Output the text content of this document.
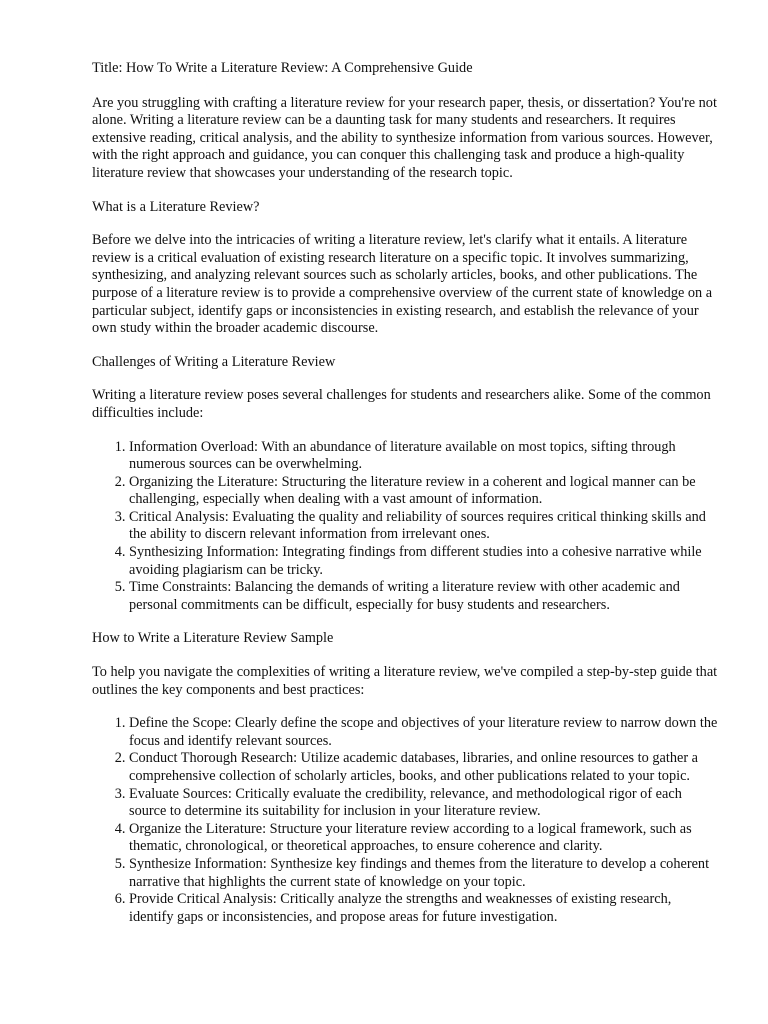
Title: How To Write a Literature Review: A Comprehensive Guide

Are you struggling with crafting a literature review for your research paper, thesis, or dissertation? You're not alone. Writing a literature review can be a daunting task for many students and researchers. It requires extensive reading, critical analysis, and the ability to synthesize information from various sources. However, with the right approach and guidance, you can conquer this challenging task and produce a high-quality literature review that showcases your understanding of the research topic.

What is a Literature Review?

Before we delve into the intricacies of writing a literature review, let's clarify what it entails. A literature review is a critical evaluation of existing research literature on a specific topic. It involves summarizing, synthesizing, and analyzing relevant sources such as scholarly articles, books, and other publications. The purpose of a literature review is to provide a comprehensive overview of the current state of knowledge on a particular subject, identify gaps or inconsistencies in existing research, and establish the relevance of your own study within the broader academic discourse.

Challenges of Writing a Literature Review

Writing a literature review poses several challenges for students and researchers alike. Some of the common difficulties include:

1. Information Overload: With an abundance of literature available on most topics, sifting through numerous sources can be overwhelming.
2. Organizing the Literature: Structuring the literature review in a coherent and logical manner can be challenging, especially when dealing with a vast amount of information.
3. Critical Analysis: Evaluating the quality and reliability of sources requires critical thinking skills and the ability to discern relevant information from irrelevant ones.
4. Synthesizing Information: Integrating findings from different studies into a cohesive narrative while avoiding plagiarism can be tricky.
5. Time Constraints: Balancing the demands of writing a literature review with other academic and personal commitments can be difficult, especially for busy students and researchers.

How to Write a Literature Review Sample

To help you navigate the complexities of writing a literature review, we've compiled a step-by-step guide that outlines the key components and best practices:

1. Define the Scope: Clearly define the scope and objectives of your literature review to narrow down the focus and identify relevant sources.
2. Conduct Thorough Research: Utilize academic databases, libraries, and online resources to gather a comprehensive collection of scholarly articles, books, and other publications related to your topic.
3. Evaluate Sources: Critically evaluate the credibility, relevance, and methodological rigor of each source to determine its suitability for inclusion in your literature review.
4. Organize the Literature: Structure your literature review according to a logical framework, such as thematic, chronological, or theoretical approaches, to ensure coherence and clarity.
5. Synthesize Information: Synthesize key findings and themes from the literature to develop a coherent narrative that highlights the current state of knowledge on your topic.
6. Provide Critical Analysis: Critically analyze the strengths and weaknesses of existing research, identify gaps or inconsistencies, and propose areas for future investigation.
